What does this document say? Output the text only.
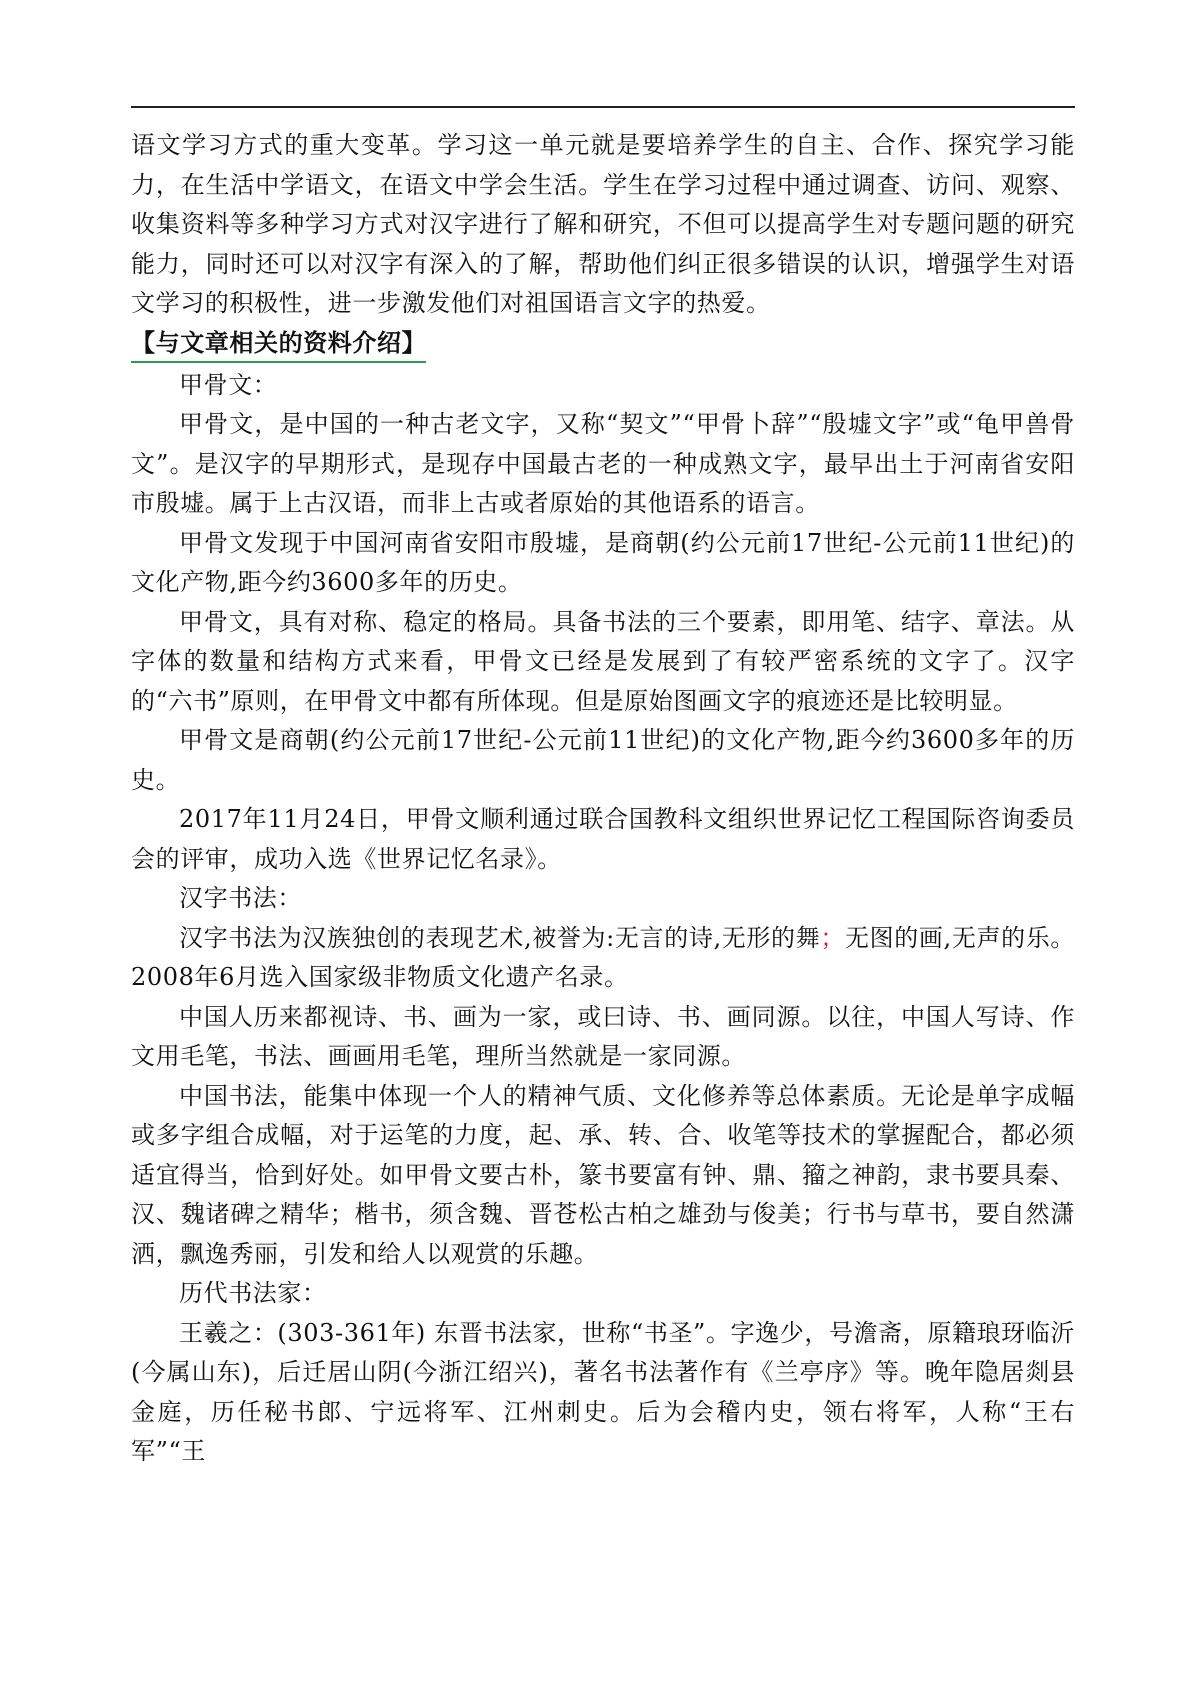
语文学习方式的重大变革。学习这一单元就是要培养学生的自主、合作、探究学习能力，在生活中学语文，在语文中学会生活。学生在学习过程中通过调查、访问、观察、收集资料等多种学习方式对汉字进行了解和研究，不但可以提高学生对专题问题的研究能力，同时还可以对汉字有深入的了解，帮助他们纠正很多错误的认识，增强学生对语文学习的积极性，进一步激发他们对祖国语言文字的热爱。

【与文章相关的资料介绍】

甲骨文：

甲骨文，是中国的一种古老文字，又称“契文”“甲骨卜辞”“殷墟文字”或“龟甲兽骨文”。是汉字的早期形式，是现存中国最古老的一种成熟文字，最早出土于河南省安阳市殷墟。属于上古汉语，而非上古或者原始的其他语系的语言。

甲骨文发现于中国河南省安阳市殷墟，是商朝(约公元前17世纪-公元前11世纪)的文化产物,距今约3600多年的历史。

甲骨文，具有对称、稳定的格局。具备书法的三个要素，即用笔、结字、章法。从字体的数量和结构方式来看，甲骨文已经是发展到了有较严密系统的文字了。汉字的“六书”原则，在甲骨文中都有所体现。但是原始图画文字的痕迹还是比较明显。

甲骨文是商朝(约公元前17世纪-公元前11世纪)的文化产物,距今约3600多年的历史。

2017年11月24日，甲骨文顺利通过联合国教科文组织世界记忆工程国际咨询委员会的评审，成功入选《世界记忆名录》。

汉字书法：

汉字书法为汉族独创的表现艺术,被誉为:无言的诗,无形的舞；无图的画,无声的乐。2008年6月选入国家级非物质文化遗产名录。

中国人历来都视诗、书、画为一家，或曰诗、书、画同源。以往，中国人写诗、作文用毛笔，书法、画画用毛笔，理所当然就是一家同源。

中国书法，能集中体现一个人的精神气质、文化修养等总体素质。无论是单字成幅或多字组合成幅，对于运笔的力度，起、承、转、合、收笔等技术的掌握配合，都必须适宜得当，恰到好处。如甲骨文要古朴，篆书要富有钟、鼎、籀之神韵，隶书要具秦、汉、魏诸碑之精华；楷书，须含魏、晋苍松古柏之雄劲与俊美；行书与草书，要自然潇洒，飘逸秀丽，引发和给人以观赏的乐趣。

历代书法家：

王羲之：(303-361年) 东晋书法家，世称“书圣”。字逸少，号澹斋，原籍琅玡临沂(今属山东)，后迁居山阴(今浙江绍兴)，著名书法著作有《兰亭序》等。晚年隐居剡县金庭，历任秘书郎、宁远将军、江州刺史。后为会稽内史，领右将军，人称“王右军”“王
